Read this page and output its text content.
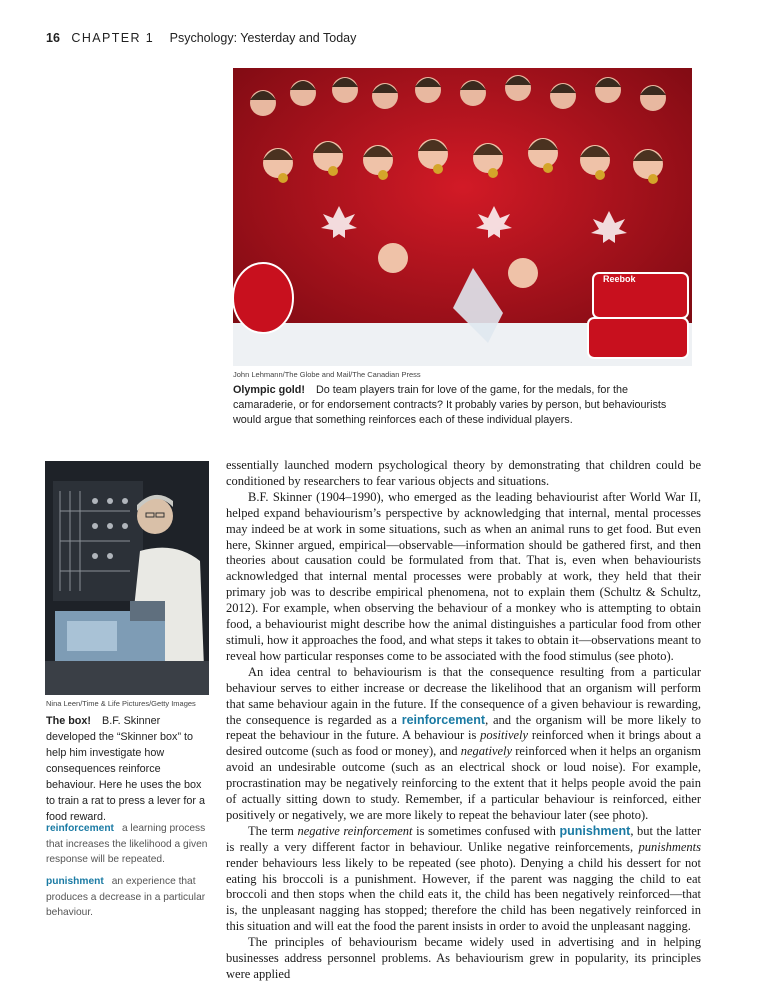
16 CHAPTER 1 Psychology: Yesterday and Today
Reebok
John Lehmann/The Globe and Mail/The Canadian Press
Olympic gold! Do team players train for love of the game, for the medals, for the camaraderie, or for endorsement contracts? It probably varies by person, but behaviourists would argue that something reinforces each of these individual players.
Nina Leen/Time & Life Pictures/Getty Images
The box! B.F. Skinner developed the “Skinner box” to help him investigate how consequences reinforce behaviour. Here he uses the box to train a rat to press a lever for a food reward.
reinforcement a learning process that increases the likelihood a given response will be repeated.
punishment an experience that produces a decrease in a particular behaviour.

essentially launched modern psychological theory by demonstrating that children could be conditioned by researchers to fear various objects and situations.

B.F. Skinner (1904–1990), who emerged as the leading behaviourist after World War II, helped expand behaviourism’s perspective by acknowledging that internal, mental processes may indeed be at work in some situations, such as when an animal runs to get food. But even here, Skinner argued, empirical—observable—information should be gathered first, and then theories about causation could be formulated from that. That is, even when behaviourists acknowledged that internal mental processes were probably at work, they held that their primary job was to describe empirical phenomena, not to explain them (Schultz & Schultz, 2012). For example, when observing the behaviour of a monkey who is attempting to obtain food, a behaviourist might describe how the animal distinguishes a particular food from other stimuli, how it approaches the food, and what steps it takes to obtain it—observations meant to reveal how particular responses come to be associated with the food stimulus (see photo).

An idea central to behaviourism is that the consequence resulting from a particular behaviour serves to either increase or decrease the likelihood that an organism will perform that same behaviour again in the future. If the consequence of a given behaviour is rewarding, the consequence is regarded as a reinforcement, and the organism will be more likely to repeat the behaviour in the future. A behaviour is positively reinforced when it brings about a desired outcome (such as food or money), and negatively reinforced when it helps an organism avoid an undesirable outcome (such as an electrical shock or loud noise). For example, procrastination may be negatively reinforcing to the extent that it helps people avoid the pain of actually sitting down to study. Remember, if a particular behaviour is reinforced, either positively or negatively, we are more likely to repeat the behaviour later (see photo).

The term negative reinforcement is sometimes confused with punishment, but the latter is really a very different factor in behaviour. Unlike negative reinforcements, punishments render behaviours less likely to be repeated (see photo). Denying a child his dessert for not eating his broccoli is a punishment. However, if the parent was nagging the child to eat broccoli and then stops when the child eats it, the child has been negatively reinforced—that is, the unpleasant nagging has stopped; therefore the child has been negatively reinforced in this situation and will eat the food the parent insists in order to avoid the unpleasant nagging.

The principles of behaviourism became widely used in advertising and in helping businesses address personnel problems. As behaviourism grew in popularity, its principles were applied
